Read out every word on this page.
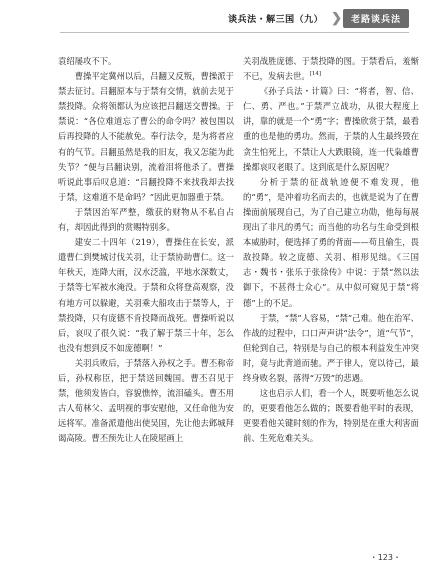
谈兵法・解三国（九） ❯	老路谈兵法

袁绍屡攻不下。

曹操平定冀州以后，吕翻又反叛，曹操派于禁去征讨。吕翻原本与于禁有交情，就前去见于禁投降。众将领都认为应该把吕翻送交曹操。于禁说：“各位难道忘了曹公的命令吗？被包围以后再投降的人不能赦免。奉行法令，是为将者应有的气节。吕翻虽然是我的旧友，我又怎能为此失节？”便与吕翻诀别，流着泪将他杀了。曹操听说此事后叹息道：“吕翻投降不来找我却去找于禁，这难道不是命吗？”因此更加器重于禁。

于禁因治军严整，缴获的财物从不私自占有，却因此得到的赏赐特别多。

建安二十四年（219），曹操住在长安，派遣曹仁到樊城讨伐关羽，让于禁协助曹仁。这一年秋天，连降大雨，汉水泛滥，平地水深数丈，于禁等七军被水淹没。于禁和众将登高观察，没有地方可以躲避，关羽乘大船攻击于禁等人，于禁投降，只有庞德不肯投降而战死。曹操听说以后，哀叹了很久说：“我了解于禁三十年，怎么也没有想到反不如庞德啊！”

关羽兵败后，于禁落入孙权之手。曹丕称帝后，孙权称臣，把于禁送回魏国。曹丕召见于禁，他须发皆白，容貌憔悴，流泪磕头。曹丕用古人荀林父、孟明视的事安慰他，又任命他为安远将军。准备派遣他出使吴国，先让他去邺城拜谒高陵。曹丕预先让人在陵屋画上

关羽战胜庞德、于禁投降的图。于禁看后，羞惭不已，发病去世。[14]

《孙子兵法・计篇》曰：“将者，智、信、仁、勇、严也。”于禁严立战功，从很大程度上讲，靠的就是一个“勇”字；曹操欣赏于禁，最看重的也是他的勇功。然而，于禁的人生最终毁在贪生怕死上，不禁让人大跌眼镜，连一代枭雄曹操都哀叹老眼了。这到底是什么原因呢？

分析于禁的征战轨迹便不难发现，他的“勇”，是冲着功名而去的，也就是说为了在曹操面前展现自己，为了自己建立功勋，他每每展现出了非凡的勇气；而当他的功名与生命受到根本威胁时，便选择了勇的背面——苟且偷生，畏敌投降。较之庞德、关羽、相形见绌。《三国志・魏书・张乐于张徐传》中说：于禁“然以法御下，不甚得士众心”。从中似可窥见于禁“将德”上的不足。

于禁，“禁”人容易，“禁”己难。他在治军、作战的过程中，口口声声讲“法令”，道“气节”，但轮到自己，特别是与自己的根本利益发生冲突时，竟与此背道而驰。严于律人，宽以待己，最终身败名裂，落得“万毁”的悲遇。

这也启示人们，看一个人，既要听他怎么说的，更要看他怎么做的；既要看他平时的表现，更要看他关键时刻的作为，特别是在重大利害面前、生死危难关头。

・123・
